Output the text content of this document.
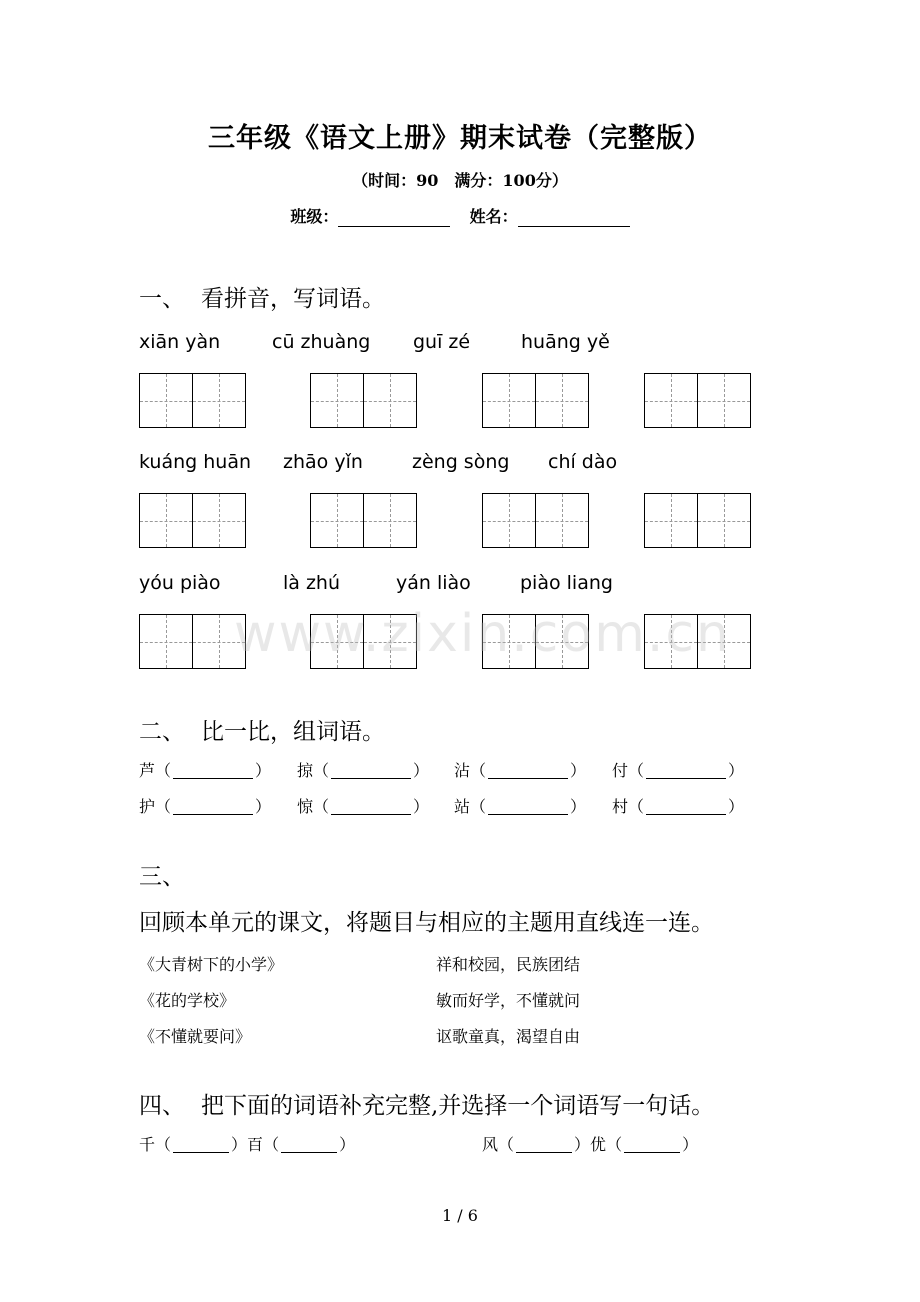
三年级《语文上册》期末试卷（完整版）
（时间：90　满分：100分）
班级：	姓名：
一、 看拼音，写词语。
xiān yàn	cū zhuàng guī zé	huāng yě
kuáng huān zhāo yǐn	zèng sòng chí dào
yóu piào	là zhú	yán liào	piào liang
www.zixin.com.cn
二、 比一比，组词语。
芦（	） 掠（	） 沾（	） 付（	）
护（	） 惊（	） 站（	） 村（	）
三、
回顾本单元的课文，将题目与相应的主题用直线连一连。
《大青树下的小学》
《花的学校》
《不懂就要问》
祥和校园，民族团结
敏而好学，不懂就问
讴歌童真，渴望自由
四、 把下面的词语补充完整,并选择一个词语写一句话。
千（	）百（	）	风（	）优（	）
1 / 6
